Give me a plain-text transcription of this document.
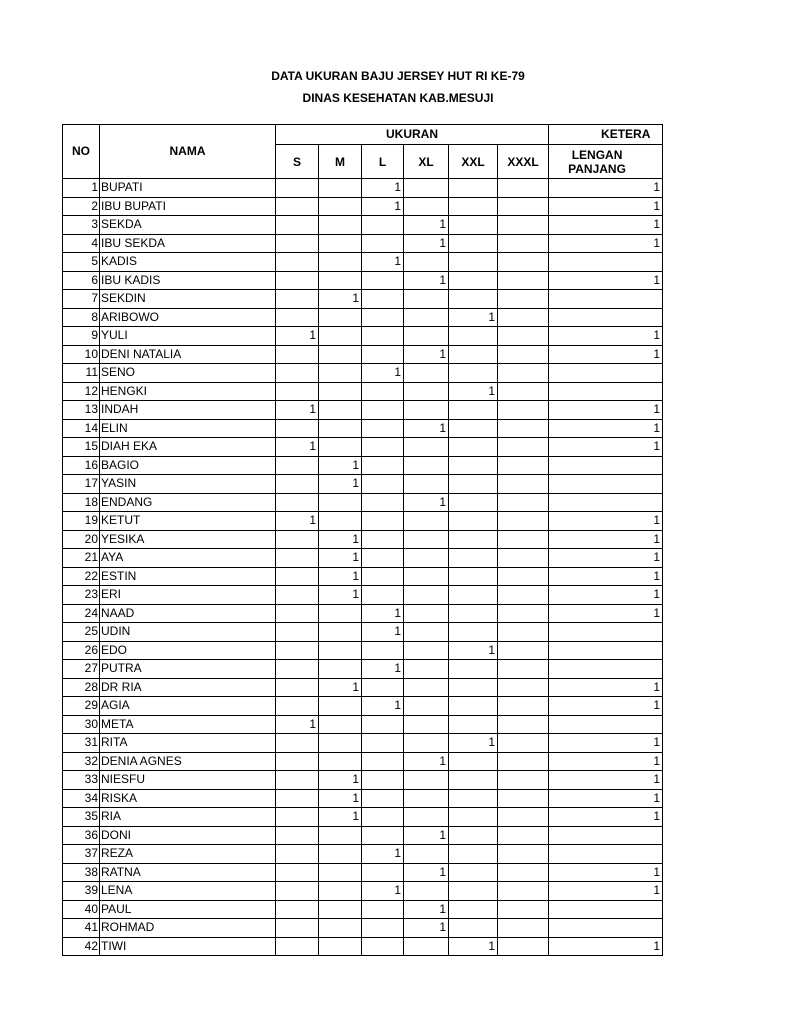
DATA UKURAN BAJU JERSEY HUT RI KE-79
DINAS KESEHATAN KAB.MESUJI
NO	NAMA	UKURAN						KETERA
		S	M	L	XL	XXL	XXXL	LENGAN PANJANG
1	BUPATI			1				1
2	IBU BUPATI			1				1
3	SEKDA				1			1
4	IBU SEKDA				1			1
5	KADIS			1				
6	IBU KADIS				1			1
7	SEKDIN		1					
8	ARIBOWO					1		
9	YULI	1						1
10	DENI NATALIA				1			1
11	SENO			1				
12	HENGKI					1		
13	INDAH	1						1
14	ELIN				1			1
15	DIAH EKA	1						1
16	BAGIO		1					
17	YASIN		1					
18	ENDANG				1			
19	KETUT	1						1
20	YESIKA		1					1
21	AYA		1					1
22	ESTIN		1					1
23	ERI		1					1
24	NAAD			1				1
25	UDIN			1				
26	EDO					1		
27	PUTRA			1				
28	DR RIA		1					1
29	AGIA			1				1
30	META	1						
31	RITA					1		1
32	DENIA AGNES				1			1
33	NIESFU		1					1
34	RISKA		1					1
35	RIA		1					1
36	DONI				1			
37	REZA			1				
38	RATNA				1			1
39	LENA			1				1
40	PAUL				1			
41	ROHMAD				1			
42	TIWI					1		1
